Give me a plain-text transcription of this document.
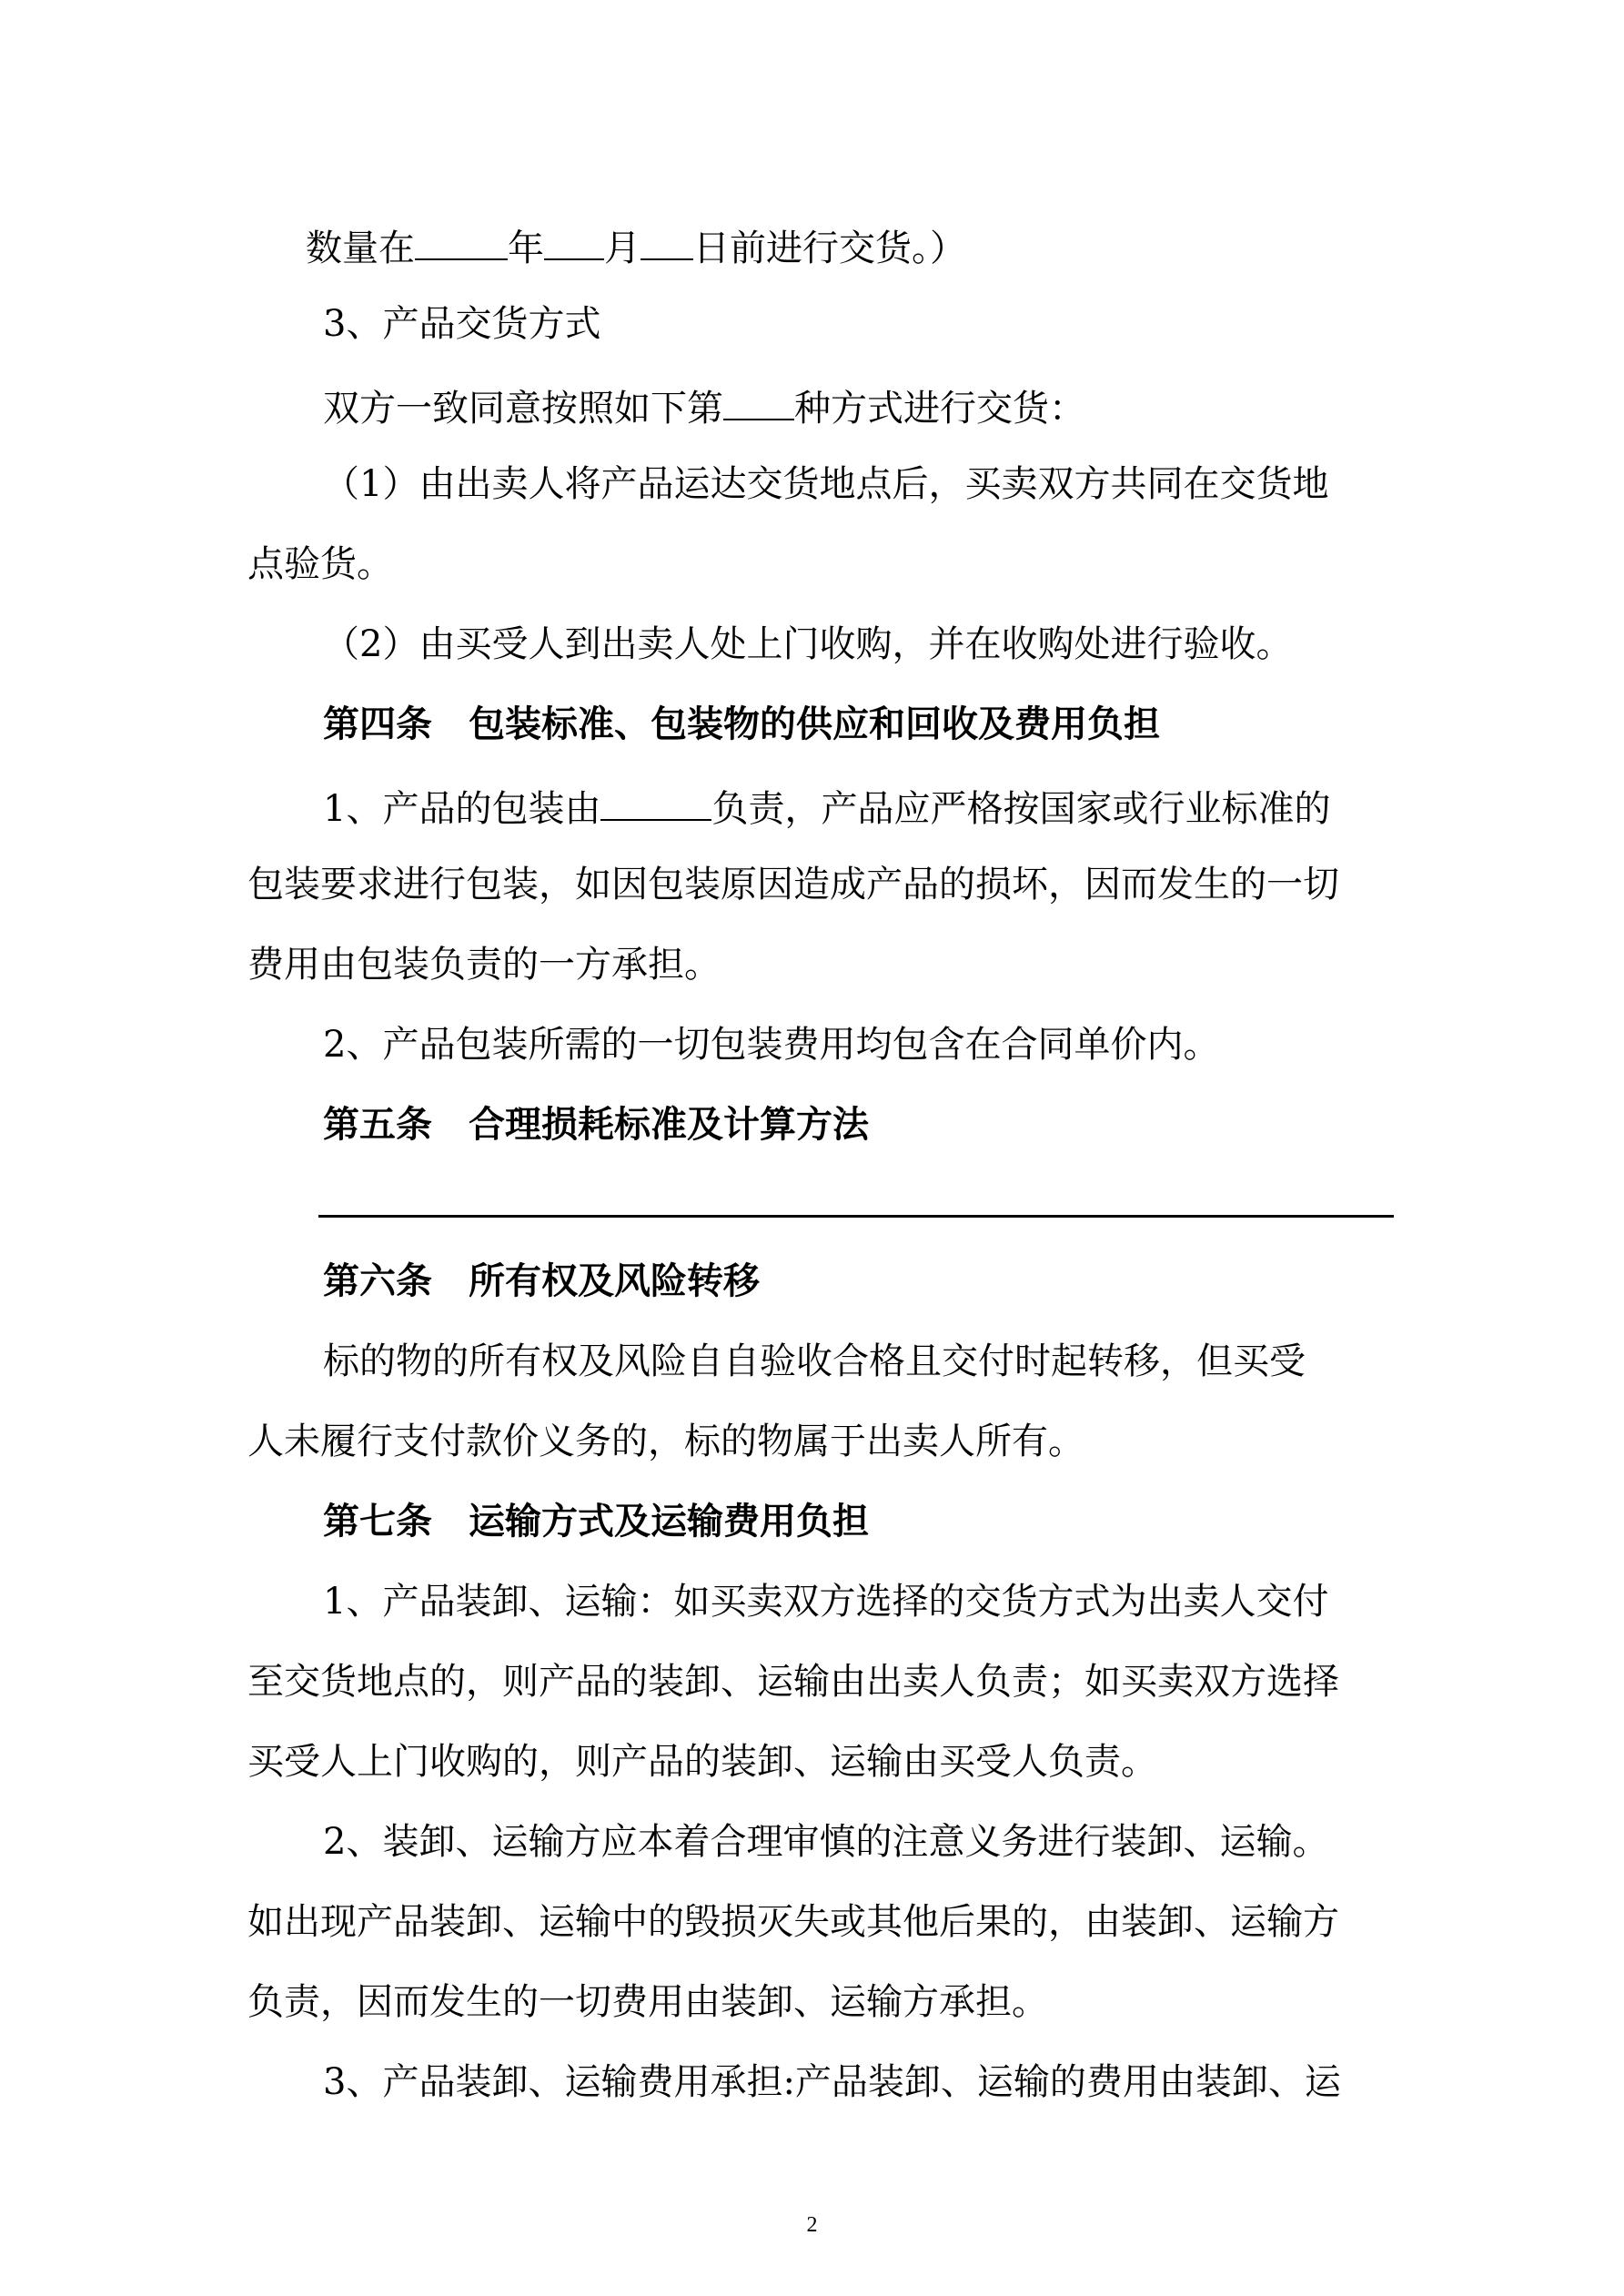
数量在	年 月 日前进行交货。）
3、产品交货方式
双方一致同意按照如下第 种方式进行交货：
（1）由出卖人将产品运达交货地点后，买卖双方共同在交货地
点验货。
（2）由买受人到出卖人处上门收购，并在收购处进行验收。
第四条　包装标准、包装物的供应和回收及费用负担
1、产品的包装由	负责，产品应严格按国家或行业标准的
包装要求进行包装，如因包装原因造成产品的损坏，因而发生的一切
费用由包装负责的一方承担。
2、产品包装所需的一切包装费用均包含在合同单价内。
第五条　合理损耗标准及计算方法
第六条　所有权及风险转移
标的物的所有权及风险自自验收合格且交付时起转移，但买受
人未履行支付款价义务的，标的物属于出卖人所有。
第七条　运输方式及运输费用负担
1、产品装卸、运输：如买卖双方选择的交货方式为出卖人交付
至交货地点的，则产品的装卸、运输由出卖人负责；如买卖双方选择
买受人上门收购的，则产品的装卸、运输由买受人负责。
2、装卸、运输方应本着合理审慎的注意义务进行装卸、运输。
如出现产品装卸、运输中的毁损灭失或其他后果的，由装卸、运输方
负责，因而发生的一切费用由装卸、运输方承担。
3、产品装卸、运输费用承担:产品装卸、运输的费用由装卸、运
2
